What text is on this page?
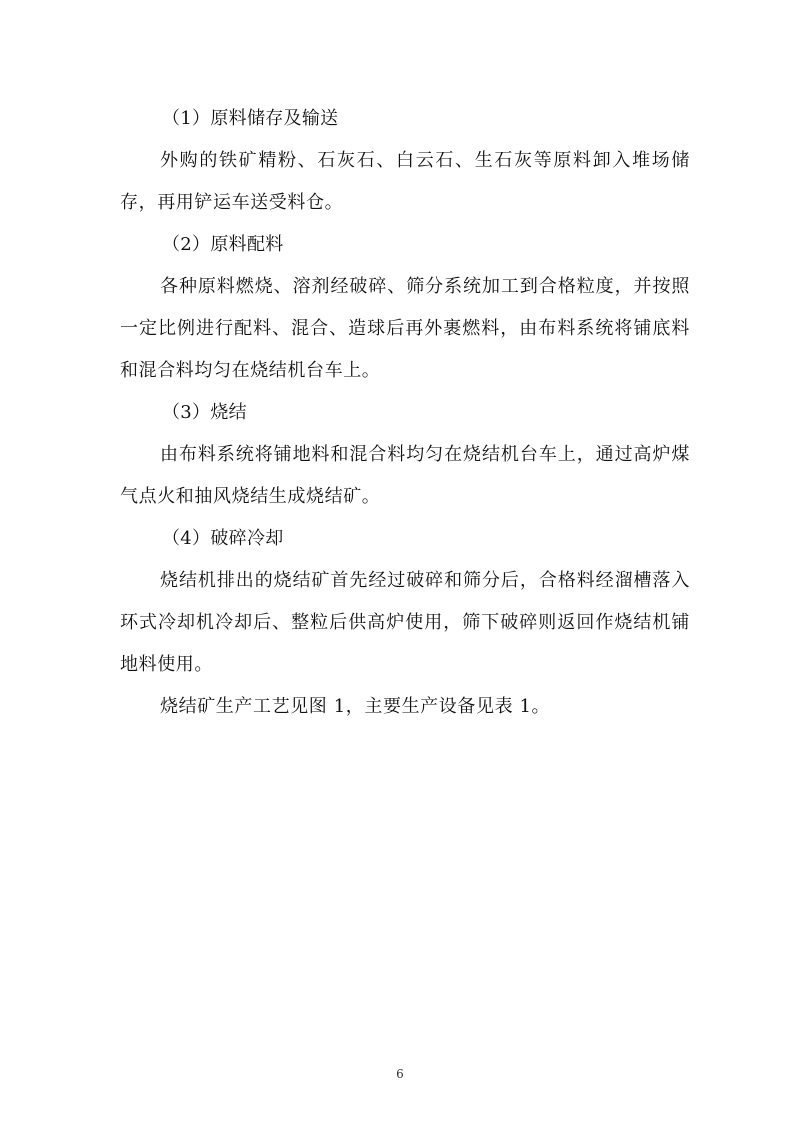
（1）原料储存及输送

外购的铁矿精粉、石灰石、白云石、生石灰等原料卸入堆场储存，再用铲运车送受料仓。

（2）原料配料

各种原料燃烧、溶剂经破碎、筛分系统加工到合格粒度，并按照一定比例进行配料、混合、造球后再外裹燃料，由布料系统将铺底料和混合料均匀在烧结机台车上。

（3）烧结

由布料系统将铺地料和混合料均匀在烧结机台车上，通过高炉煤气点火和抽风烧结生成烧结矿。

（4）破碎冷却

烧结机排出的烧结矿首先经过破碎和筛分后，合格料经溜槽落入环式冷却机冷却后、整粒后供高炉使用，筛下破碎则返回作烧结机铺地料使用。

烧结矿生产工艺见图 1，主要生产设备见表 1。

6
